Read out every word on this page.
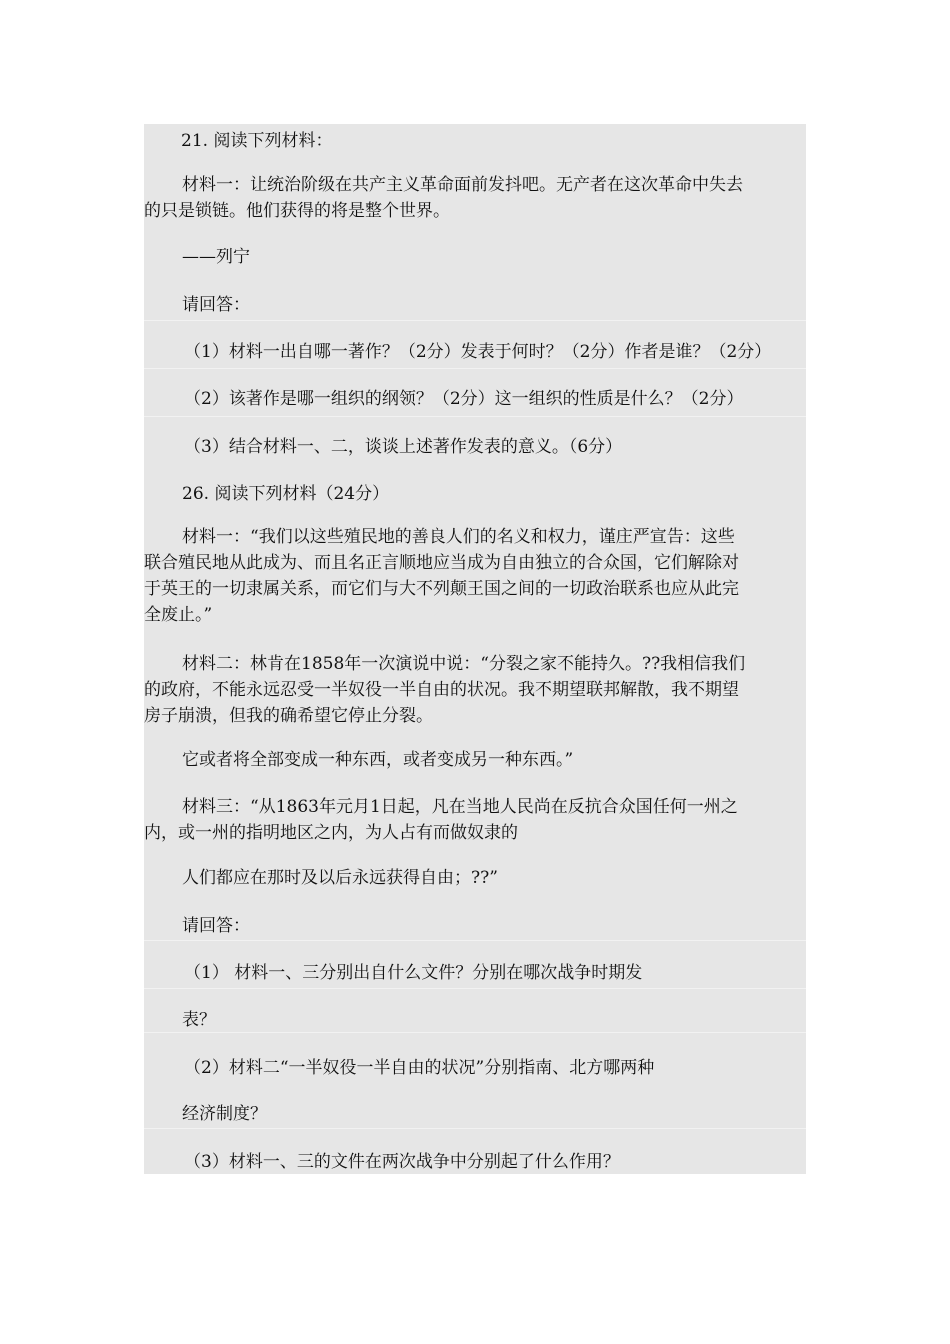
21. 阅读下列材料：
材料一：让统治阶级在共产主义革命面前发抖吧。无产者在这次革命中失去
的只是锁链。他们获得的将是整个世界。
——列宁
请回答：
（1）材料一出自哪一著作？（2分）发表于何时？（2分）作者是谁？（2分）
（2）该著作是哪一组织的纲领？（2分）这一组织的性质是什么？（2分）
（3）结合材料一、二，谈谈上述著作发表的意义。（6分）
26. 阅读下列材料（24分）
材料一：“我们以这些殖民地的善良人们的名义和权力，谨庄严宣告：这些
联合殖民地从此成为、而且名正言顺地应当成为自由独立的合众国，它们解除对
于英王的一切隶属关系，而它们与大不列颠王国之间的一切政治联系也应从此完
全废止。”
材料二：林肯在1858年一次演说中说：“分裂之家不能持久。??我相信我们
的政府，不能永远忍受一半奴役一半自由的状况。我不期望联邦解散，我不期望
房子崩溃，但我的确希望它停止分裂。
它或者将全部变成一种东西，或者变成另一种东西。”
材料三：“从1863年元月1日起，凡在当地人民尚在反抗合众国任何一州之
内，或一州的指明地区之内，为人占有而做奴隶的
人们都应在那时及以后永远获得自由；??”
请回答：
（1） 材料一、三分别出自什么文件？分别在哪次战争时期发
表？
（2）材料二“一半奴役一半自由的状况”分别指南、北方哪两种
经济制度？
（3）材料一、三的文件在两次战争中分别起了什么作用？
